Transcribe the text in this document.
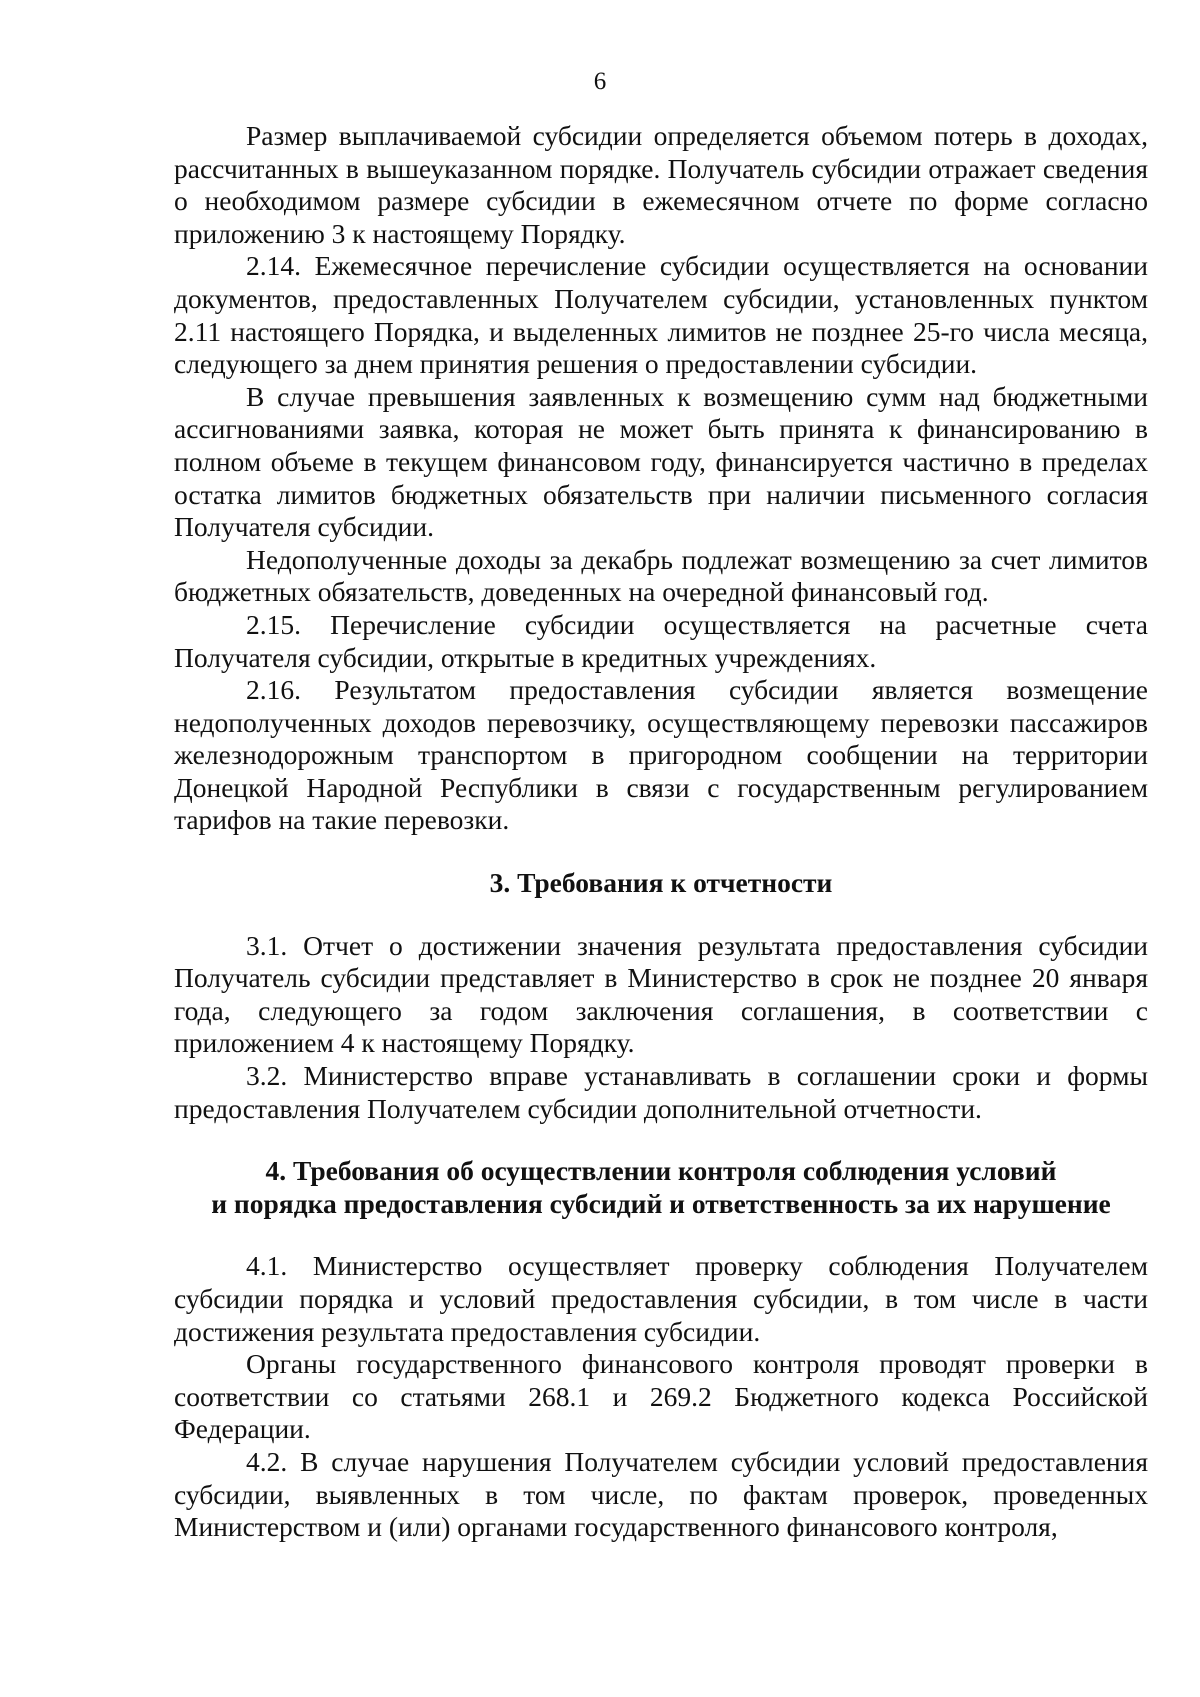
6

Размер выплачиваемой субсидии определяется объемом потерь в доходах, рассчитанных в вышеуказанном порядке. Получатель субсидии отражает сведения о необходимом размере субсидии в ежемесячном отчете по форме согласно приложению 3 к настоящему Порядку.

2.14. Ежемесячное перечисление субсидии осуществляется на основании документов, предоставленных Получателем субсидии, установленных пунктом 2.11 настоящего Порядка, и выделенных лимитов не позднее 25-го числа месяца, следующего за днем принятия решения о предоставлении субсидии.

В случае превышения заявленных к возмещению сумм над бюджетными ассигнованиями заявка, которая не может быть принята к финансированию в полном объеме в текущем финансовом году, финансируется частично в пределах остатка лимитов бюджетных обязательств при наличии письменного согласия Получателя субсидии.

Недополученные доходы за декабрь подлежат возмещению за счет лимитов бюджетных обязательств, доведенных на очередной финансовый год.

2.15. Перечисление субсидии осуществляется на расчетные счета Получателя субсидии, открытые в кредитных учреждениях.

2.16. Результатом предоставления субсидии является возмещение недополученных доходов перевозчику, осуществляющему перевозки пассажиров железнодорожным транспортом в пригородном сообщении на территории Донецкой Народной Республики в связи с государственным регулированием тарифов на такие перевозки.

3. Требования к отчетности

3.1. Отчет о достижении значения результата предоставления субсидии Получатель субсидии представляет в Министерство в срок не позднее 20 января года, следующего за годом заключения соглашения, в соответствии с приложением 4 к настоящему Порядку.

3.2. Министерство вправе устанавливать в соглашении сроки и формы предоставления Получателем субсидии дополнительной отчетности.

4. Требования об осуществлении контроля соблюдения условий
и порядка предоставления субсидий и ответственность за их нарушение

4.1. Министерство осуществляет проверку соблюдения Получателем субсидии порядка и условий предоставления субсидии, в том числе в части достижения результата предоставления субсидии.

Органы государственного финансового контроля проводят проверки в соответствии со статьями 268.1 и 269.2 Бюджетного кодекса Российской Федерации.

4.2. В случае нарушения Получателем субсидии условий предоставления субсидии, выявленных в том числе, по фактам проверок, проведенных Министерством и (или) органами государственного финансового контроля,
